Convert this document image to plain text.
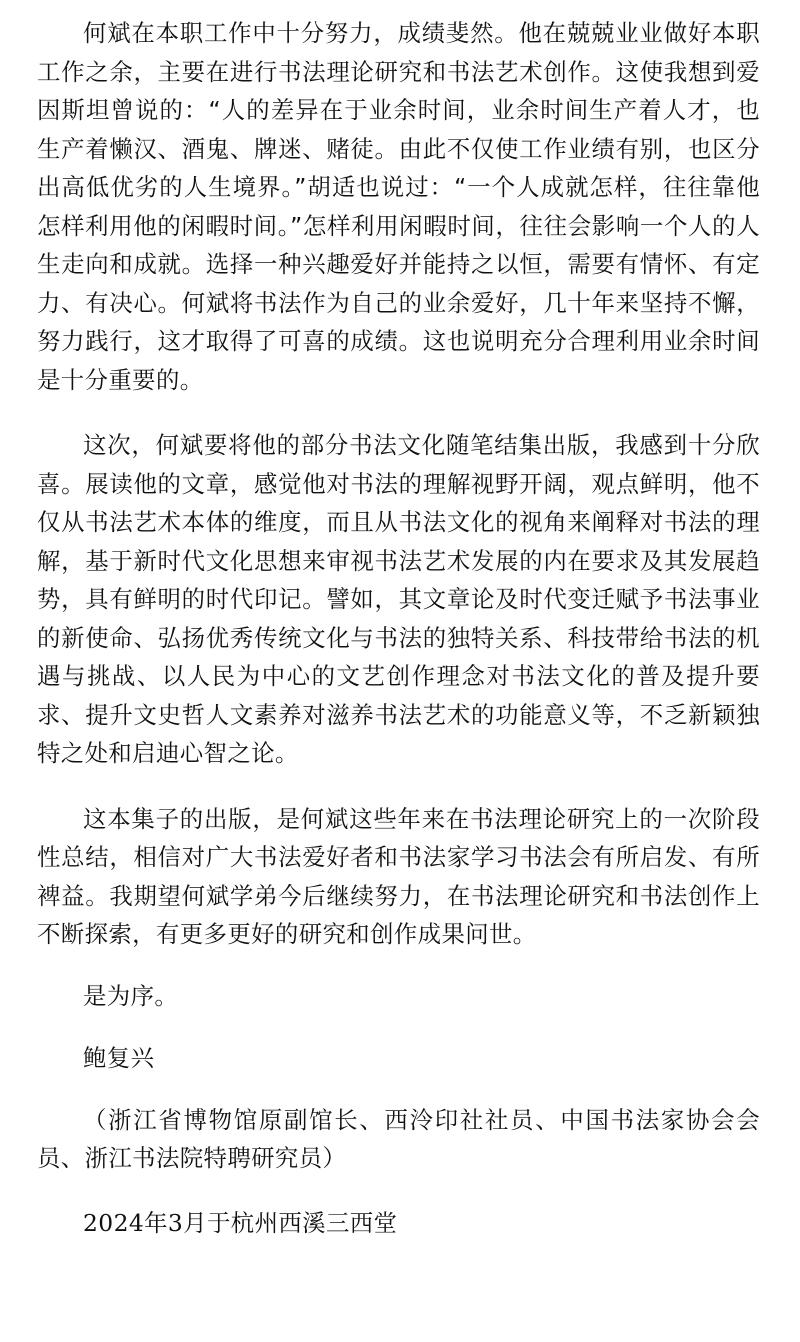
何斌在本职工作中十分努力，成绩斐然。他在兢兢业业做好本职工作之余，主要在进行书法理论研究和书法艺术创作。这使我想到爱因斯坦曾说的：“人的差异在于业余时间，业余时间生产着人才，也生产着懒汉、酒鬼、牌迷、赌徒。由此不仅使工作业绩有别，也区分出高低优劣的人生境界。”胡适也说过：“一个人成就怎样，往往靠他怎样利用他的闲暇时间。”怎样利用闲暇时间，往往会影响一个人的人生走向和成就。选择一种兴趣爱好并能持之以恒，需要有情怀、有定力、有决心。何斌将书法作为自己的业余爱好，几十年来坚持不懈，努力践行，这才取得了可喜的成绩。这也说明充分合理利用业余时间是十分重要的。

这次，何斌要将他的部分书法文化随笔结集出版，我感到十分欣喜。展读他的文章，感觉他对书法的理解视野开阔，观点鲜明，他不仅从书法艺术本体的维度，而且从书法文化的视角来阐释对书法的理解，基于新时代文化思想来审视书法艺术发展的内在要求及其发展趋势，具有鲜明的时代印记。譬如，其文章论及时代变迁赋予书法事业的新使命、弘扬优秀传统文化与书法的独特关系、科技带给书法的机遇与挑战、以人民为中心的文艺创作理念对书法文化的普及提升要求、提升文史哲人文素养对滋养书法艺术的功能意义等，不乏新颖独特之处和启迪心智之论。

这本集子的出版，是何斌这些年来在书法理论研究上的一次阶段性总结，相信对广大书法爱好者和书法家学习书法会有所启发、有所裨益。我期望何斌学弟今后继续努力，在书法理论研究和书法创作上不断探索，有更多更好的研究和创作成果问世。

是为序。

鲍复兴

（浙江省博物馆原副馆长、西泠印社社员、中国书法家协会会员、浙江书法院特聘研究员）

2024年3月于杭州西溪三西堂
